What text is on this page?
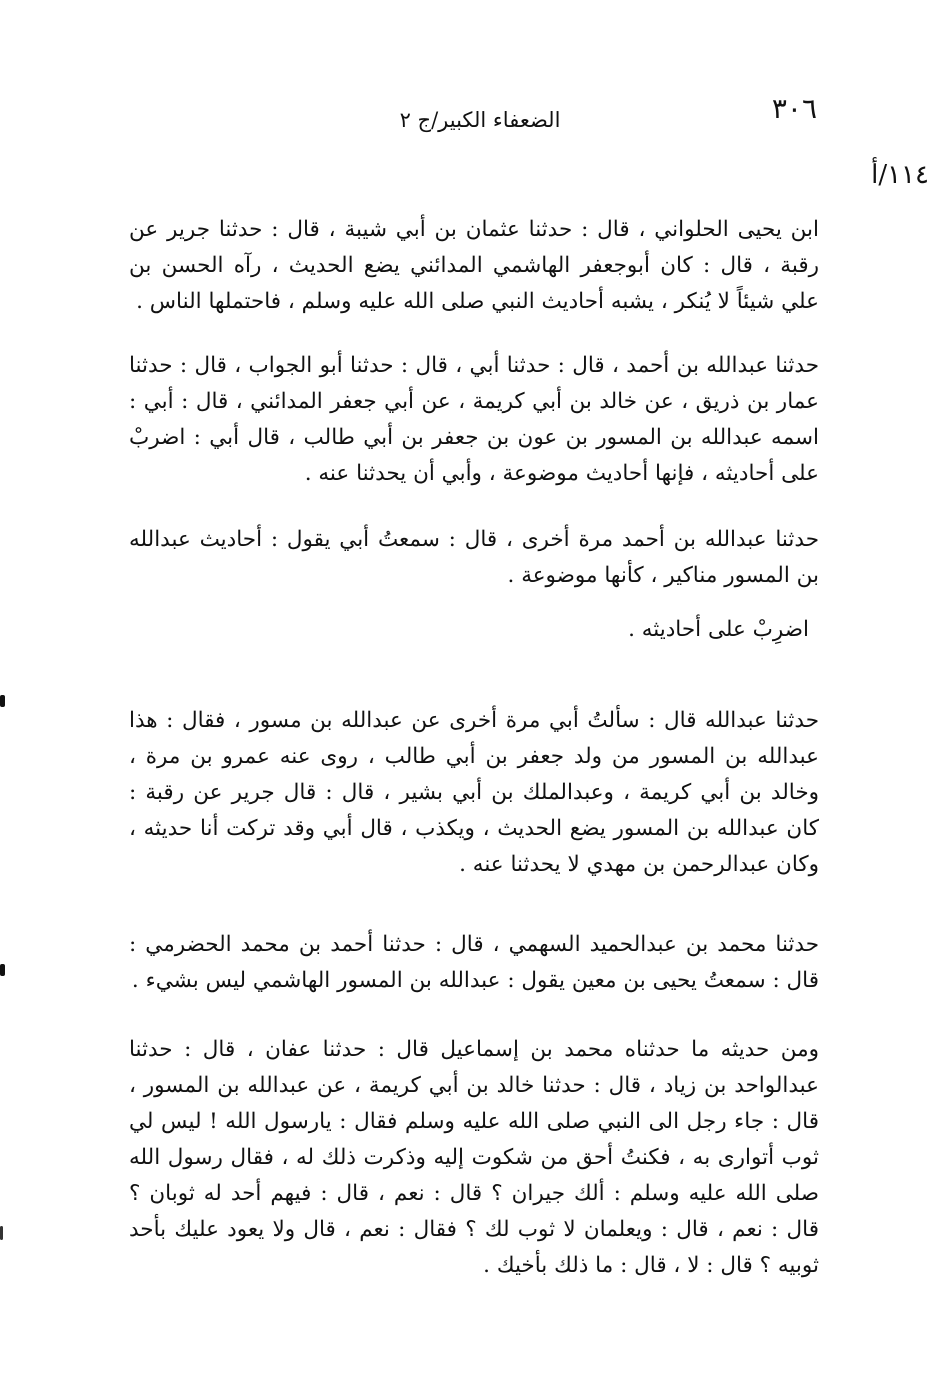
٣٠٦
الضعفاء الكبير/ج ٢
١١٤/أ

ابن يحيى الحلواني ، قال : حدثنا عثمان بن أبي شيبة ، قال : حدثنا جرير عن رقبة ، قال : كان أبوجعفر الهاشمي المدائني يضع الحديث ، رآه الحسن بن علي شيئاً لا يُنكر ، يشبه أحاديث النبي صلى الله عليه وسلم ، فاحتملها الناس .

حدثنا عبدالله بن أحمد ، قال : حدثنا أبي ، قال : حدثنا أبو الجواب ، قال : حدثنا عمار بن ذريق ، عن خالد بن أبي كريمة ، عن أبي جعفر المدائني ، قال : أبي : اسمه عبدالله بن المسور بن عون بن جعفر بن أبي طالب ، قال أبي : اضربْ على أحاديثه ، فإنها أحاديث موضوعة ، وأبي أن يحدثنا عنه .

حدثنا عبدالله بن أحمد مرة أخرى ، قال : سمعتُ أبي يقول : أحاديث عبدالله بن المسور مناكير ، كأنها موضوعة .

اضرِبْ على أحاديثه .

حدثنا عبدالله قال : سألتُ أبي مرة أخرى عن عبدالله بن مسور ، فقال : هذا عبدالله بن المسور من ولد جعفر بن أبي طالب ، روى عنه عمرو بن مرة ، وخالد بن أبي كريمة ، وعبدالملك بن أبي بشير ، قال : قال جرير عن رقبة : كان عبدالله بن المسور يضع الحديث ، ويكذب ، قال أبي وقد تركت أنا حديثه ، وكان عبدالرحمن بن مهدي لا يحدثنا عنه .

حدثنا محمد بن عبدالحميد السهمي ، قال : حدثنا أحمد بن محمد الحضرمي : قال : سمعتُ يحيى بن معين يقول : عبدالله بن المسور الهاشمي ليس بشيء .

ومن حديثه ما حدثناه محمد بن إسماعيل قال : حدثنا عفان ، قال : حدثنا عبدالواحد بن زياد ، قال : حدثنا خالد بن أبي كريمة ، عن عبدالله بن المسور ، قال : جاء رجل الى النبي صلى الله عليه وسلم فقال : يارسول الله ! ليس لي ثوب أتوارى به ، فكنتُ أحق من شكوت إليه وذكرت ذلك له ، فقال رسول الله صلى الله عليه وسلم : ألك جيران ؟ قال : نعم ، قال : فيهم أحد له ثوبان ؟ قال : نعم ، قال : ويعلمان لا ثوب لك ؟ فقال : نعم ، قال ولا يعود عليك بأحد ثوبيه ؟ قال : لا ، قال : ما ذلك بأخيك .
